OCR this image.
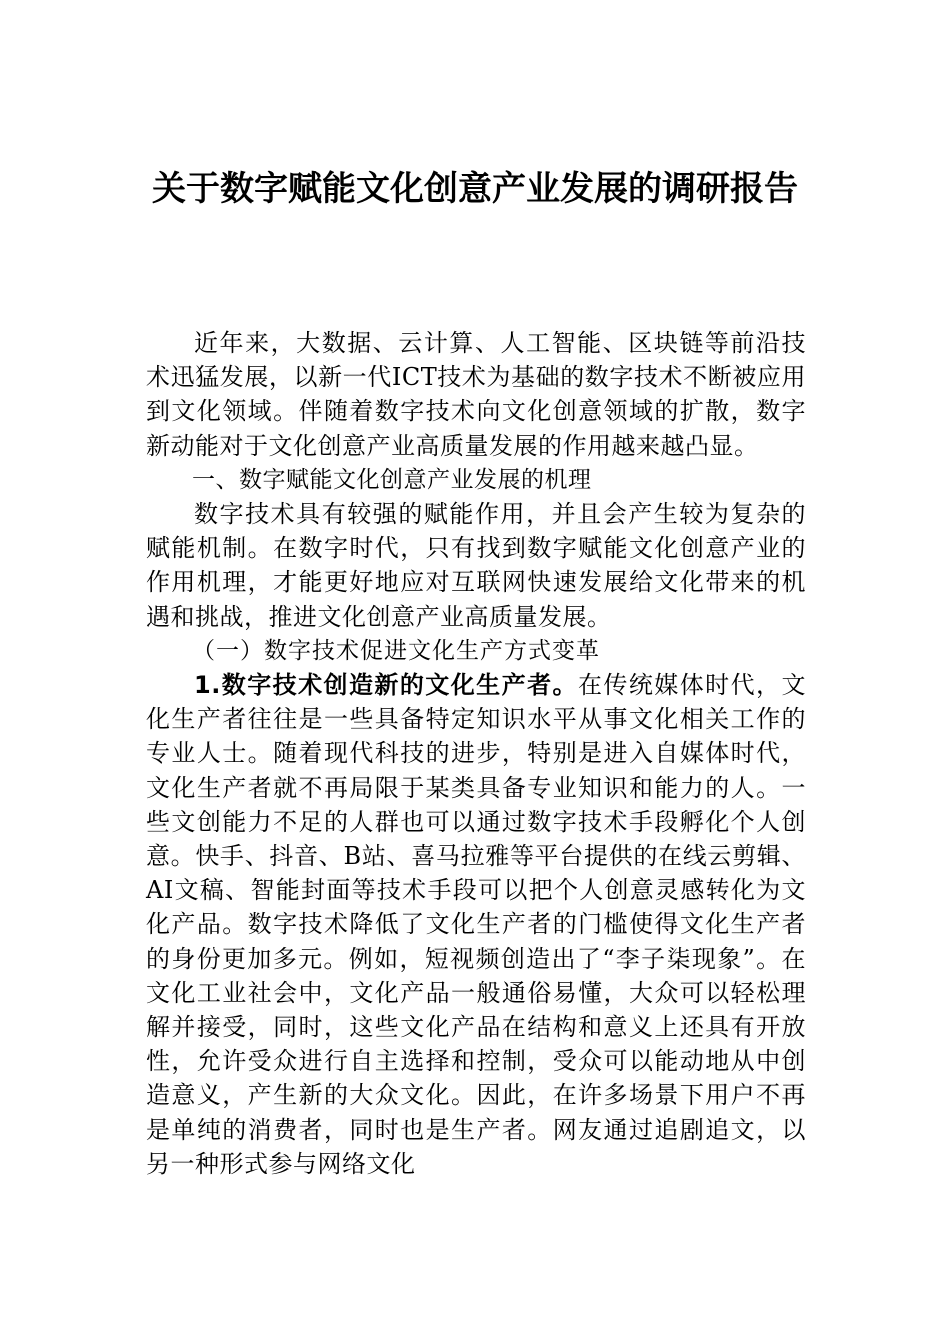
关于数字赋能文化创意产业发展的调研报告

近年来，大数据、云计算、人工智能、区块链等前沿技术迅猛发展，以新一代ICT技术为基础的数字技术不断被应用到文化领域。伴随着数字技术向文化创意领域的扩散，数字新动能对于文化创意产业高质量发展的作用越来越凸显。

一、数字赋能文化创意产业发展的机理

数字技术具有较强的赋能作用，并且会产生较为复杂的赋能机制。在数字时代，只有找到数字赋能文化创意产业的作用机理，才能更好地应对互联网快速发展给文化带来的机遇和挑战，推进文化创意产业高质量发展。

（一）数字技术促进文化生产方式变革

1.数字技术创造新的文化生产者。在传统媒体时代，文化生产者往往是一些具备特定知识水平从事文化相关工作的专业人士。随着现代科技的进步，特别是进入自媒体时代，文化生产者就不再局限于某类具备专业知识和能力的人。一些文创能力不足的人群也可以通过数字技术手段孵化个人创意。快手、抖音、B站、喜马拉雅等平台提供的在线云剪辑、AI文稿、智能封面等技术手段可以把个人创意灵感转化为文化产品。数字技术降低了文化生产者的门槛使得文化生产者的身份更加多元。例如，短视频创造出了“李子柒现象”。在文化工业社会中，文化产品一般通俗易懂，大众可以轻松理解并接受，同时，这些文化产品在结构和意义上还具有开放性，允许受众进行自主选择和控制，受众可以能动地从中创造意义，产生新的大众文化。因此，在许多场景下用户不再是单纯的消费者，同时也是生产者。网友通过追剧追文，以另一种形式参与网络文化
